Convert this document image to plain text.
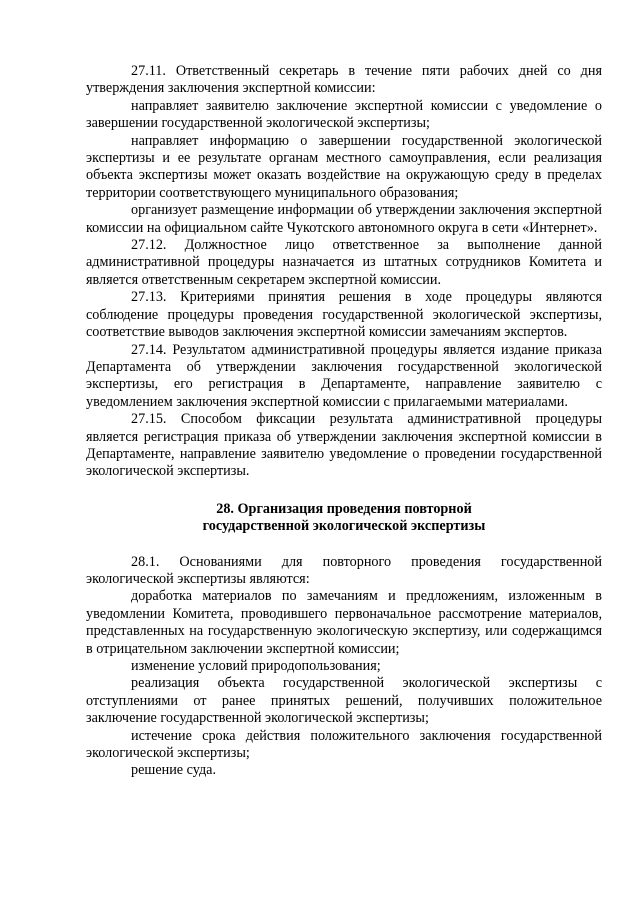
27.11. Ответственный секретарь в течение пяти рабочих дней со дня утверждения заключения экспертной комиссии:

направляет заявителю заключение экспертной комиссии с уведомление о завершении государственной экологической экспертизы;

направляет информацию о завершении государственной экологической экспертизы и ее результате органам местного самоуправления, если реализация объекта экспертизы может оказать воздействие на окружающую среду в пределах территории соответствующего муниципального образования;

организует размещение информации об утверждении заключения экспертной комиссии на официальном сайте Чукотского автономного округа в сети «Интернет».

27.12. Должностное лицо ответственное за выполнение данной административной процедуры назначается из штатных сотрудников Комитета и является ответственным секретарем экспертной комиссии.

27.13. Критериями принятия решения в ходе процедуры являются соблюдение процедуры проведения государственной экологической экспертизы, соответствие выводов заключения экспертной комиссии замечаниям экспертов.

27.14. Результатом административной процедуры является издание приказа Департамента об утверждении заключения государственной экологической экспертизы, его регистрация в Департаменте, направление заявителю с уведомлением заключения экспертной комиссии с прилагаемыми материалами.

27.15. Способом фиксации результата административной процедуры является регистрация приказа об утверждении заключения экспертной комиссии в Департаменте, направление заявителю уведомление о проведении государственной экологической экспертизы.

28. Организация проведения повторной
государственной экологической экспертизы

28.1. Основаниями для повторного проведения государственной экологической экспертизы являются:

доработка материалов по замечаниям и предложениям, изложенным в уведомлении Комитета, проводившего первоначальное рассмотрение материалов, представленных на государственную экологическую экспертизу, или содержащимся в отрицательном заключении экспертной комиссии;

изменение условий природопользования;

реализация объекта государственной экологической экспертизы с отступлениями от ранее принятых решений, получивших положительное заключение государственной экологической экспертизы;

истечение срока действия положительного заключения государственной экологической экспертизы;

решение суда.
